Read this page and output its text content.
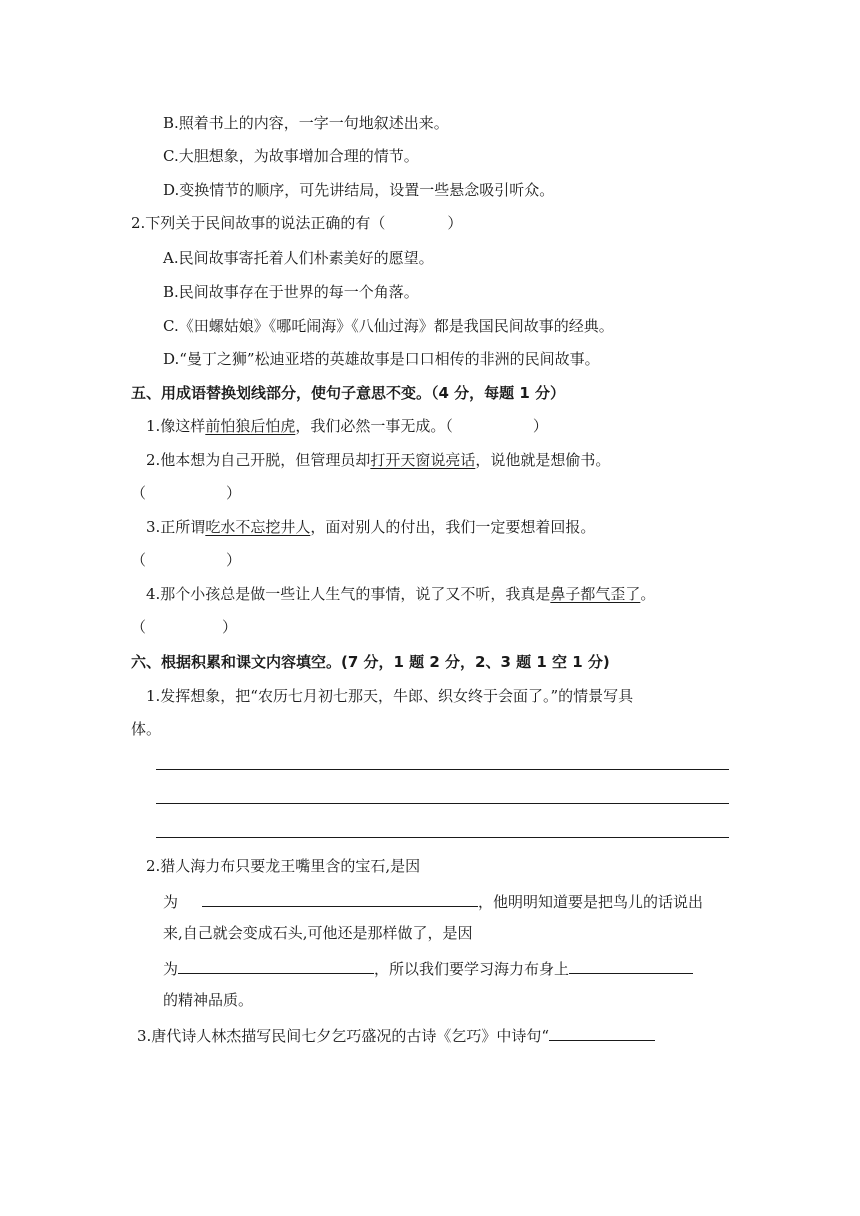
B.照着书上的内容，一字一句地叙述出来。
C.大胆想象，为故事增加合理的情节。
D.变换情节的顺序，可先讲结局，设置一些悬念吸引听众。
2.下列关于民间故事的说法正确的有（	）
A.民间故事寄托着人们朴素美好的愿望。
B.民间故事存在于世界的每一个角落。
C.《田螺姑娘》《哪吒闹海》《八仙过海》都是我国民间故事的经典。
D.“曼丁之狮”松迪亚塔的英雄故事是口口相传的非洲的民间故事。
五、用成语替换划线部分，使句子意思不变。（4 分，每题 1 分）
1.像这样前怕狼后怕虎，我们必然一事无成。（	）
2.他本想为自己开脱，但管理员却打开天窗说亮话，说他就是想偷书。
（	）
3.正所谓吃水不忘挖井人，面对别人的付出，我们一定要想着回报。
（	）
4.那个小孩总是做一些让人生气的事情，说了又不听，我真是鼻子都气歪了。
（	）
六、根据积累和课文内容填空。(7 分，1 题 2 分，2、3 题 1 空 1 分)
1.发挥想象，把“农历七月初七那天，牛郎、织女终于会面了。”的情景写具
体。
2.猎人海力布只要龙王嘴里含的宝石,是因
为	，他明明知道要是把鸟儿的话说出
来,自己就会变成石头,可他还是那样做了，是因
为	，所以我们要学习海力布身上
的精神品质。
3.唐代诗人林杰描写民间七夕乞巧盛况的古诗《乞巧》中诗句“
